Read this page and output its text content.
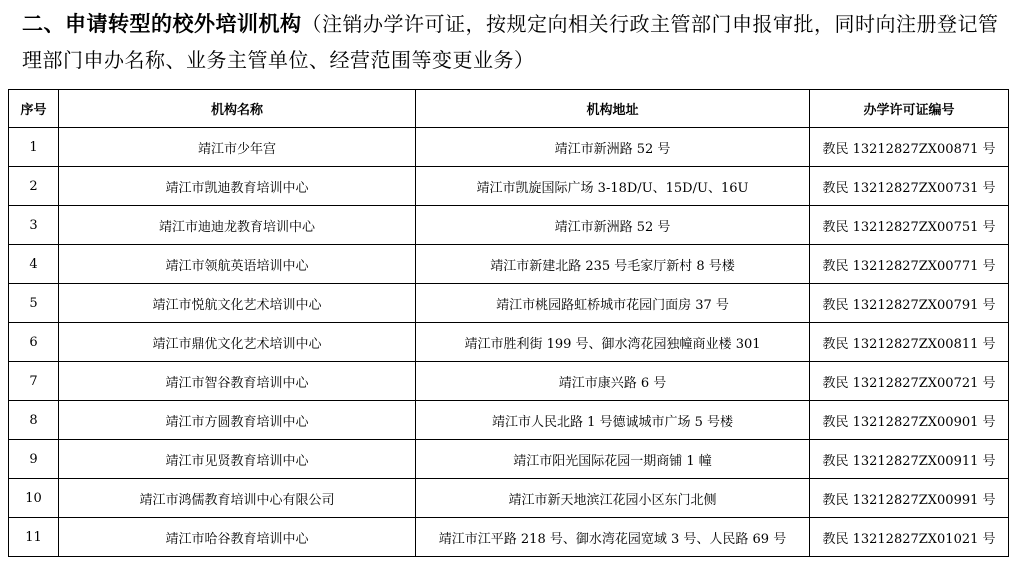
二、申请转型的校外培训机构（注销办学许可证，按规定向相关行政主管部门申报审批，同时向注册登记管理部门申办名称、业务主管单位、经营范围等变更业务）
序号	机构名称	机构地址	办学许可证编号
1	靖江市少年宫	靖江市新洲路 52 号	教民 13212827ZX00871 号
2	靖江市凯迪教育培训中心	靖江市凯旋国际广场 3-18D/U、15D/U、16U	教民 13212827ZX00731 号
3	靖江市迪迪龙教育培训中心	靖江市新洲路 52 号	教民 13212827ZX00751 号
4	靖江市领航英语培训中心	靖江市新建北路 235 号毛家厅新村 8 号楼	教民 13212827ZX00771 号
5	靖江市悦航文化艺术培训中心	靖江市桃园路虹桥城市花园门面房 37 号	教民 13212827ZX00791 号
6	靖江市鼎优文化艺术培训中心	靖江市胜利街 199 号、御水湾花园独幢商业楼 301	教民 13212827ZX00811 号
7	靖江市智谷教育培训中心	靖江市康兴路 6 号	教民 13212827ZX00721 号
8	靖江市方圆教育培训中心	靖江市人民北路 1 号德诚城市广场 5 号楼	教民 13212827ZX00901 号
9	靖江市见贤教育培训中心	靖江市阳光国际花园一期商铺 1 幢	教民 13212827ZX00911 号
10	靖江市鸿儒教育培训中心有限公司	靖江市新天地滨江花园小区东门北侧	教民 13212827ZX00991 号
11	靖江市哈谷教育培训中心	靖江市江平路 218 号、御水湾花园宽域 3 号、人民路 69 号	教民 13212827ZX01021 号
